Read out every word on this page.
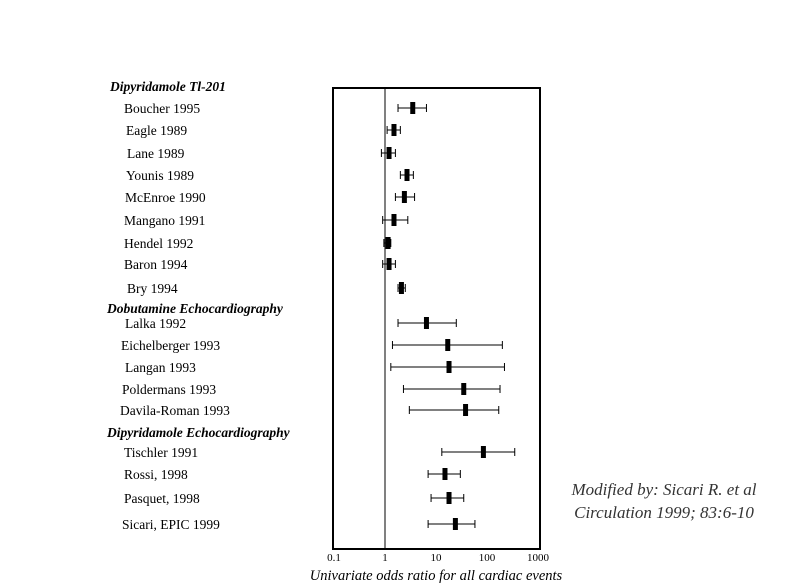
Dipyridamole Tl-201
Boucher 1995
Eagle 1989
Lane 1989
Younis 1989
McEnroe 1990
Mangano 1991
Hendel 1992
Baron 1994
Bry 1994
Dobutamine Echocardiography
Lalka 1992
Eichelberger 1993
Langan 1993
Poldermans 1993
Davila-Roman 1993
Dipyridamole Echocardiography
Tischler 1991
Rossi, 1998
Pasquet, 1998
Sicari, EPIC 1999
0.1	1	10	100	1000
Univariate odds ratio for all cardiac events
Modified by: Sicari R. et al
Circulation 1999; 83:6-10
